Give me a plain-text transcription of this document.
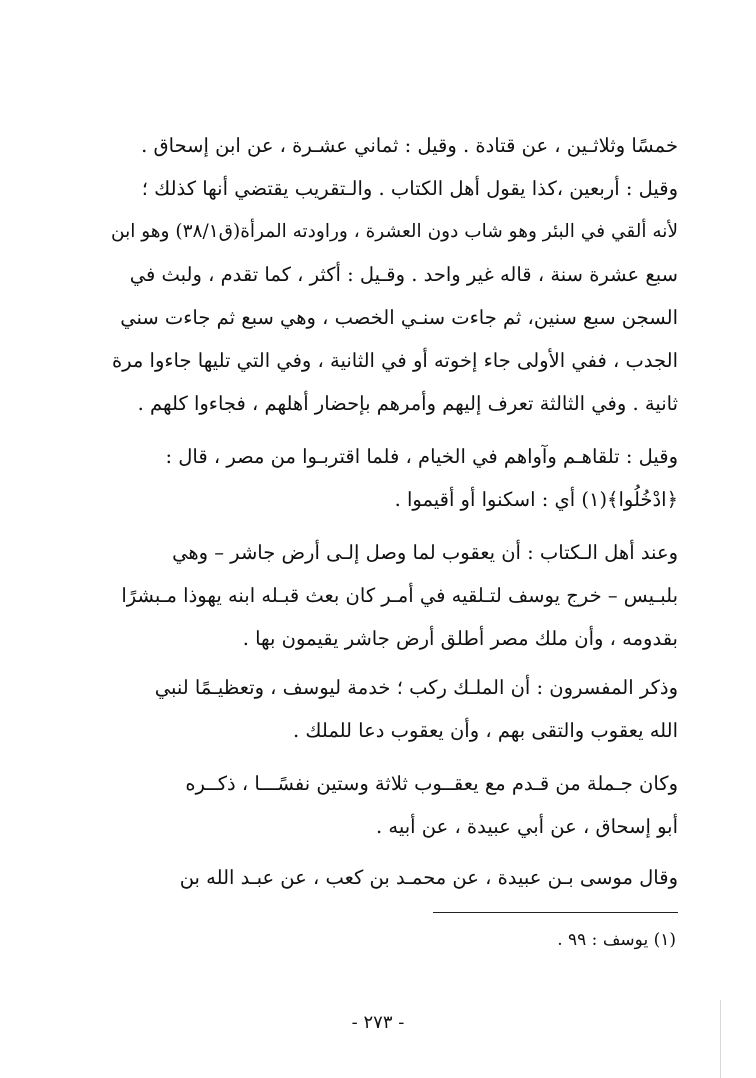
خمسًا وثلاثـين ، عن قتادة . وقيل : ثماني عشـرة ، عن ابن إسحاق .
وقيل : أربعين ،كذا يقول أهل الكتاب . والـتقريب يقتضي أنها كذلك ؛
لأنه ألقي في البئر وهو شاب دون العشرة ، وراودته المرأة(ق٣٨/١) وهو ابن
سبع عشرة سنة ، قاله غير واحد . وقـيل : أكثر ، كما تقدم ، ولبث في
السجن سبع سنين، ثم جاءت سنـي الخصب ، وهي سبع ثم جاءت سني
الجدب ، ففي الأولى جاء إخوته أو في الثانية ، وفي التي تليها جاءوا مرة
ثانية . وفي الثالثة تعرف إليهم وأمرهم بإحضار أهلهم ، فجاءوا كلهم .
وقيل : تلقاهـم وآواهم في الخيام ، فلما اقتربـوا من مصر ، قال :
﴿ادْخُلُوا﴾(١) أي : اسكنوا أو أقيموا .
وعند أهل الـكتاب : أن يعقوب لما وصل إلـى أرض جاشر – وهي
بلبـيس – خرج يوسف لتـلقيه في أمـر كان بعث قبـله ابنه يهوذا مـبشرًا
بقدومه ، وأن ملك مصر أطلق أرض جاشر يقيمون بها .
وذكر المفسرون : أن الملـك ركب ؛ خدمة ليوسف ، وتعظيـمًا لنبي
الله يعقوب والتقى بهم ، وأن يعقوب دعا للملك .
وكان جـملة من قـدم مع يعقــوب ثلاثة وستين نفسًـــا ، ذكــره
أبو إسحاق ، عن أبي عبيدة ، عن أبيه .
وقال موسى بـن عبيدة ، عن محمـد بن كعب ، عن عبـد الله بن
(١) يوسف : ٩٩ .
- ٢٧٣ -
